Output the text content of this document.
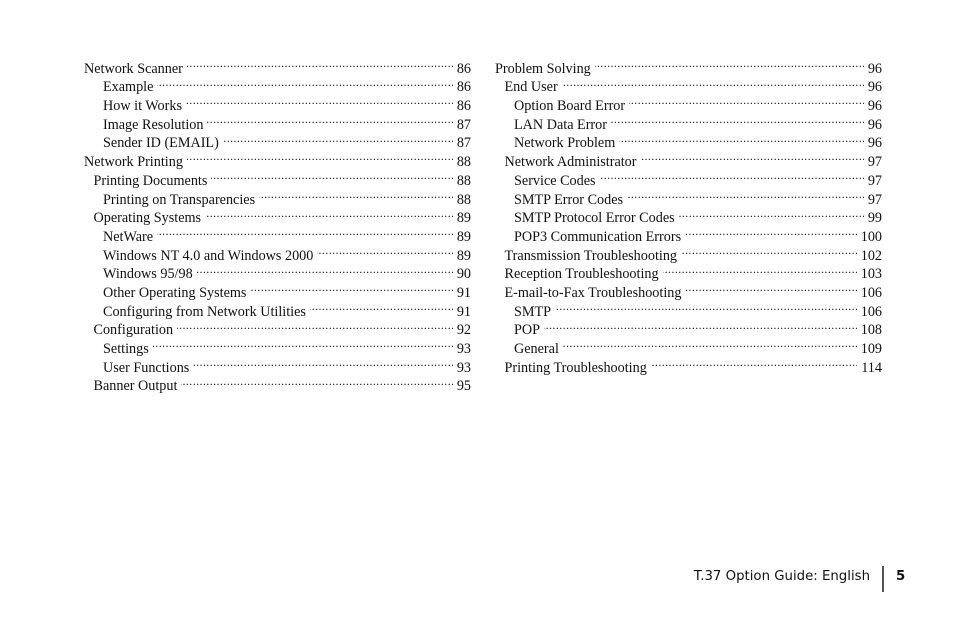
Network Scanner . . .	86
Example . . .	86
How it Works . . .	86
Image Resolution . . .	87
Sender ID (EMAIL) . . .	87
Network Printing . . .	88
Printing Documents . . .	88
Printing on Transparencies . . .	88
Operating Systems . . .	89
NetWare . . .	89
Windows NT 4.0 and Windows 2000 . . .	89
Windows 95/98 . . .	90
Other Operating Systems . . .	91
Configuring from Network Utilities . . .	91
Configuration . . .	92
Settings . . .	93
User Functions . . .	93
Banner Output . . .	95
Problem Solving . . .	96
End User . . .	96
Option Board Error . . .	96
LAN Data Error . . .	96
Network Problem . . .	96
Network Administrator . . .	97
Service Codes . . .	97
SMTP Error Codes . . .	97
SMTP Protocol Error Codes . . .	99
POP3 Communication Errors . . .	100
Transmission Troubleshooting . . .	102
Reception Troubleshooting . . .	103
E-mail-to-Fax Troubleshooting . . .	106
SMTP . . .	106
POP . . .	108
General . . .	109
Printing Troubleshooting . . .	114
T.37 Option Guide: English 5
